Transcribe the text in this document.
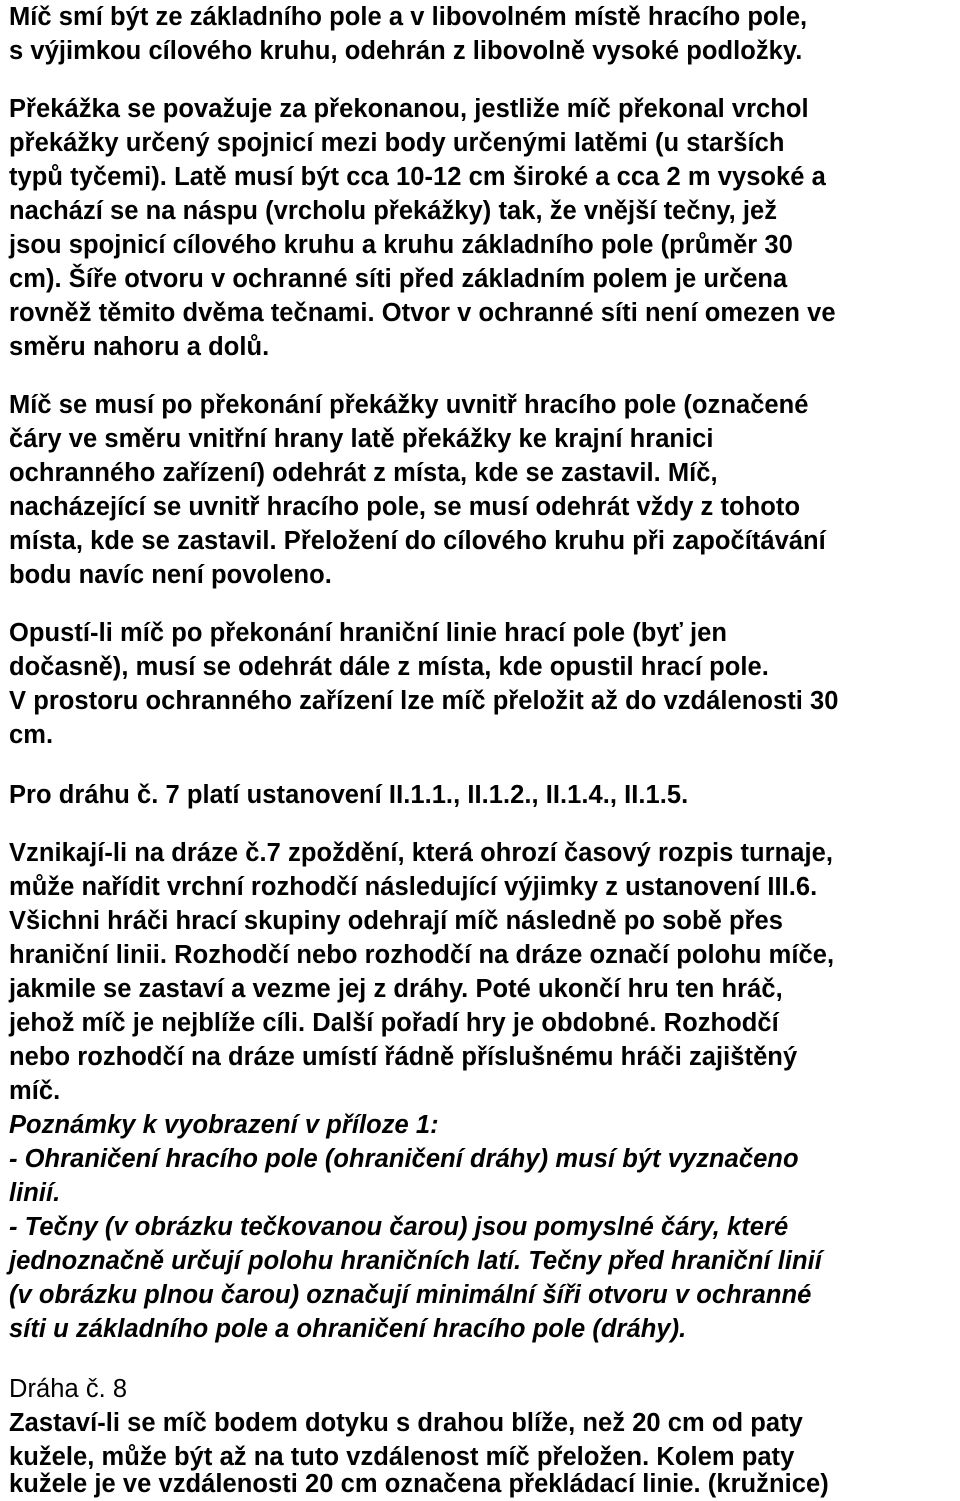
Míč smí být ze základního pole a v libovolném místě hracího pole,
s výjimkou cílového kruhu, odehrán z libovolně vysoké podložky.
Překážka se považuje za překonanou, jestliže míč překonal vrchol
překážky určený spojnicí mezi body určenými latěmi (u starších
typů tyčemi). Latě musí být cca 10-12 cm široké a cca 2 m vysoké a
nachází se na náspu (vrcholu překážky) tak, že vnější tečny, jež
jsou spojnicí cílového kruhu a kruhu základního pole (průměr 30
cm). Šíře otvoru v ochranné síti před základním polem je určena
rovněž těmito dvěma tečnami. Otvor v ochranné síti není omezen ve
směru nahoru a dolů.
Míč se musí po překonání překážky uvnitř hracího pole (označené
čáry ve směru vnitřní hrany latě překážky ke krajní hranici
ochranného zařízení) odehrát z místa, kde se zastavil. Míč,
nacházející se uvnitř hracího pole, se musí odehrát vždy z tohoto
místa, kde se zastavil. Přeložení do cílového kruhu při započítávání
bodu navíc není povoleno.
Opustí-li míč po překonání hraniční linie hrací pole (byť jen
dočasně), musí se odehrát dále z místa, kde opustil hrací pole.
V prostoru ochranného zařízení lze míč přeložit až do vzdálenosti 30
cm.
Pro dráhu č. 7 platí ustanovení II.1.1., II.1.2., II.1.4., II.1.5.
Vznikají-li na dráze č.7 zpoždění, která ohrozí časový rozpis turnaje,
může nařídit vrchní rozhodčí následující výjimky z ustanovení III.6.
Všichni hráči hrací skupiny odehrají míč následně po sobě přes
hraniční linii. Rozhodčí nebo rozhodčí na dráze označí polohu míče,
jakmile se zastaví a vezme jej z dráhy. Poté ukončí hru ten hráč,
jehož míč je nejblíže cíli. Další pořadí hry je obdobné. Rozhodčí
nebo rozhodčí na dráze umístí řádně příslušnému hráči zajištěný
míč.
Poznámky k vyobrazení v příloze 1:
- Ohraničení hracího pole (ohraničení dráhy) musí být vyznačeno
linií.
- Tečny (v obrázku tečkovanou čarou) jsou pomyslné čáry, které
jednoznačně určují polohu hraničních latí. Tečny před hraniční linií
(v obrázku plnou čarou) označují minimální šíři otvoru v ochranné
síti u základního pole a ohraničení hracího pole (dráhy).
Dráha č. 8
Zastaví-li se míč bodem dotyku s drahou blíže, než 20 cm od paty
kužele, může být až na tuto vzdálenost míč přeložen. Kolem paty
kužele je ve vzdálenosti 20 cm označena překládací linie. (kružnice)
